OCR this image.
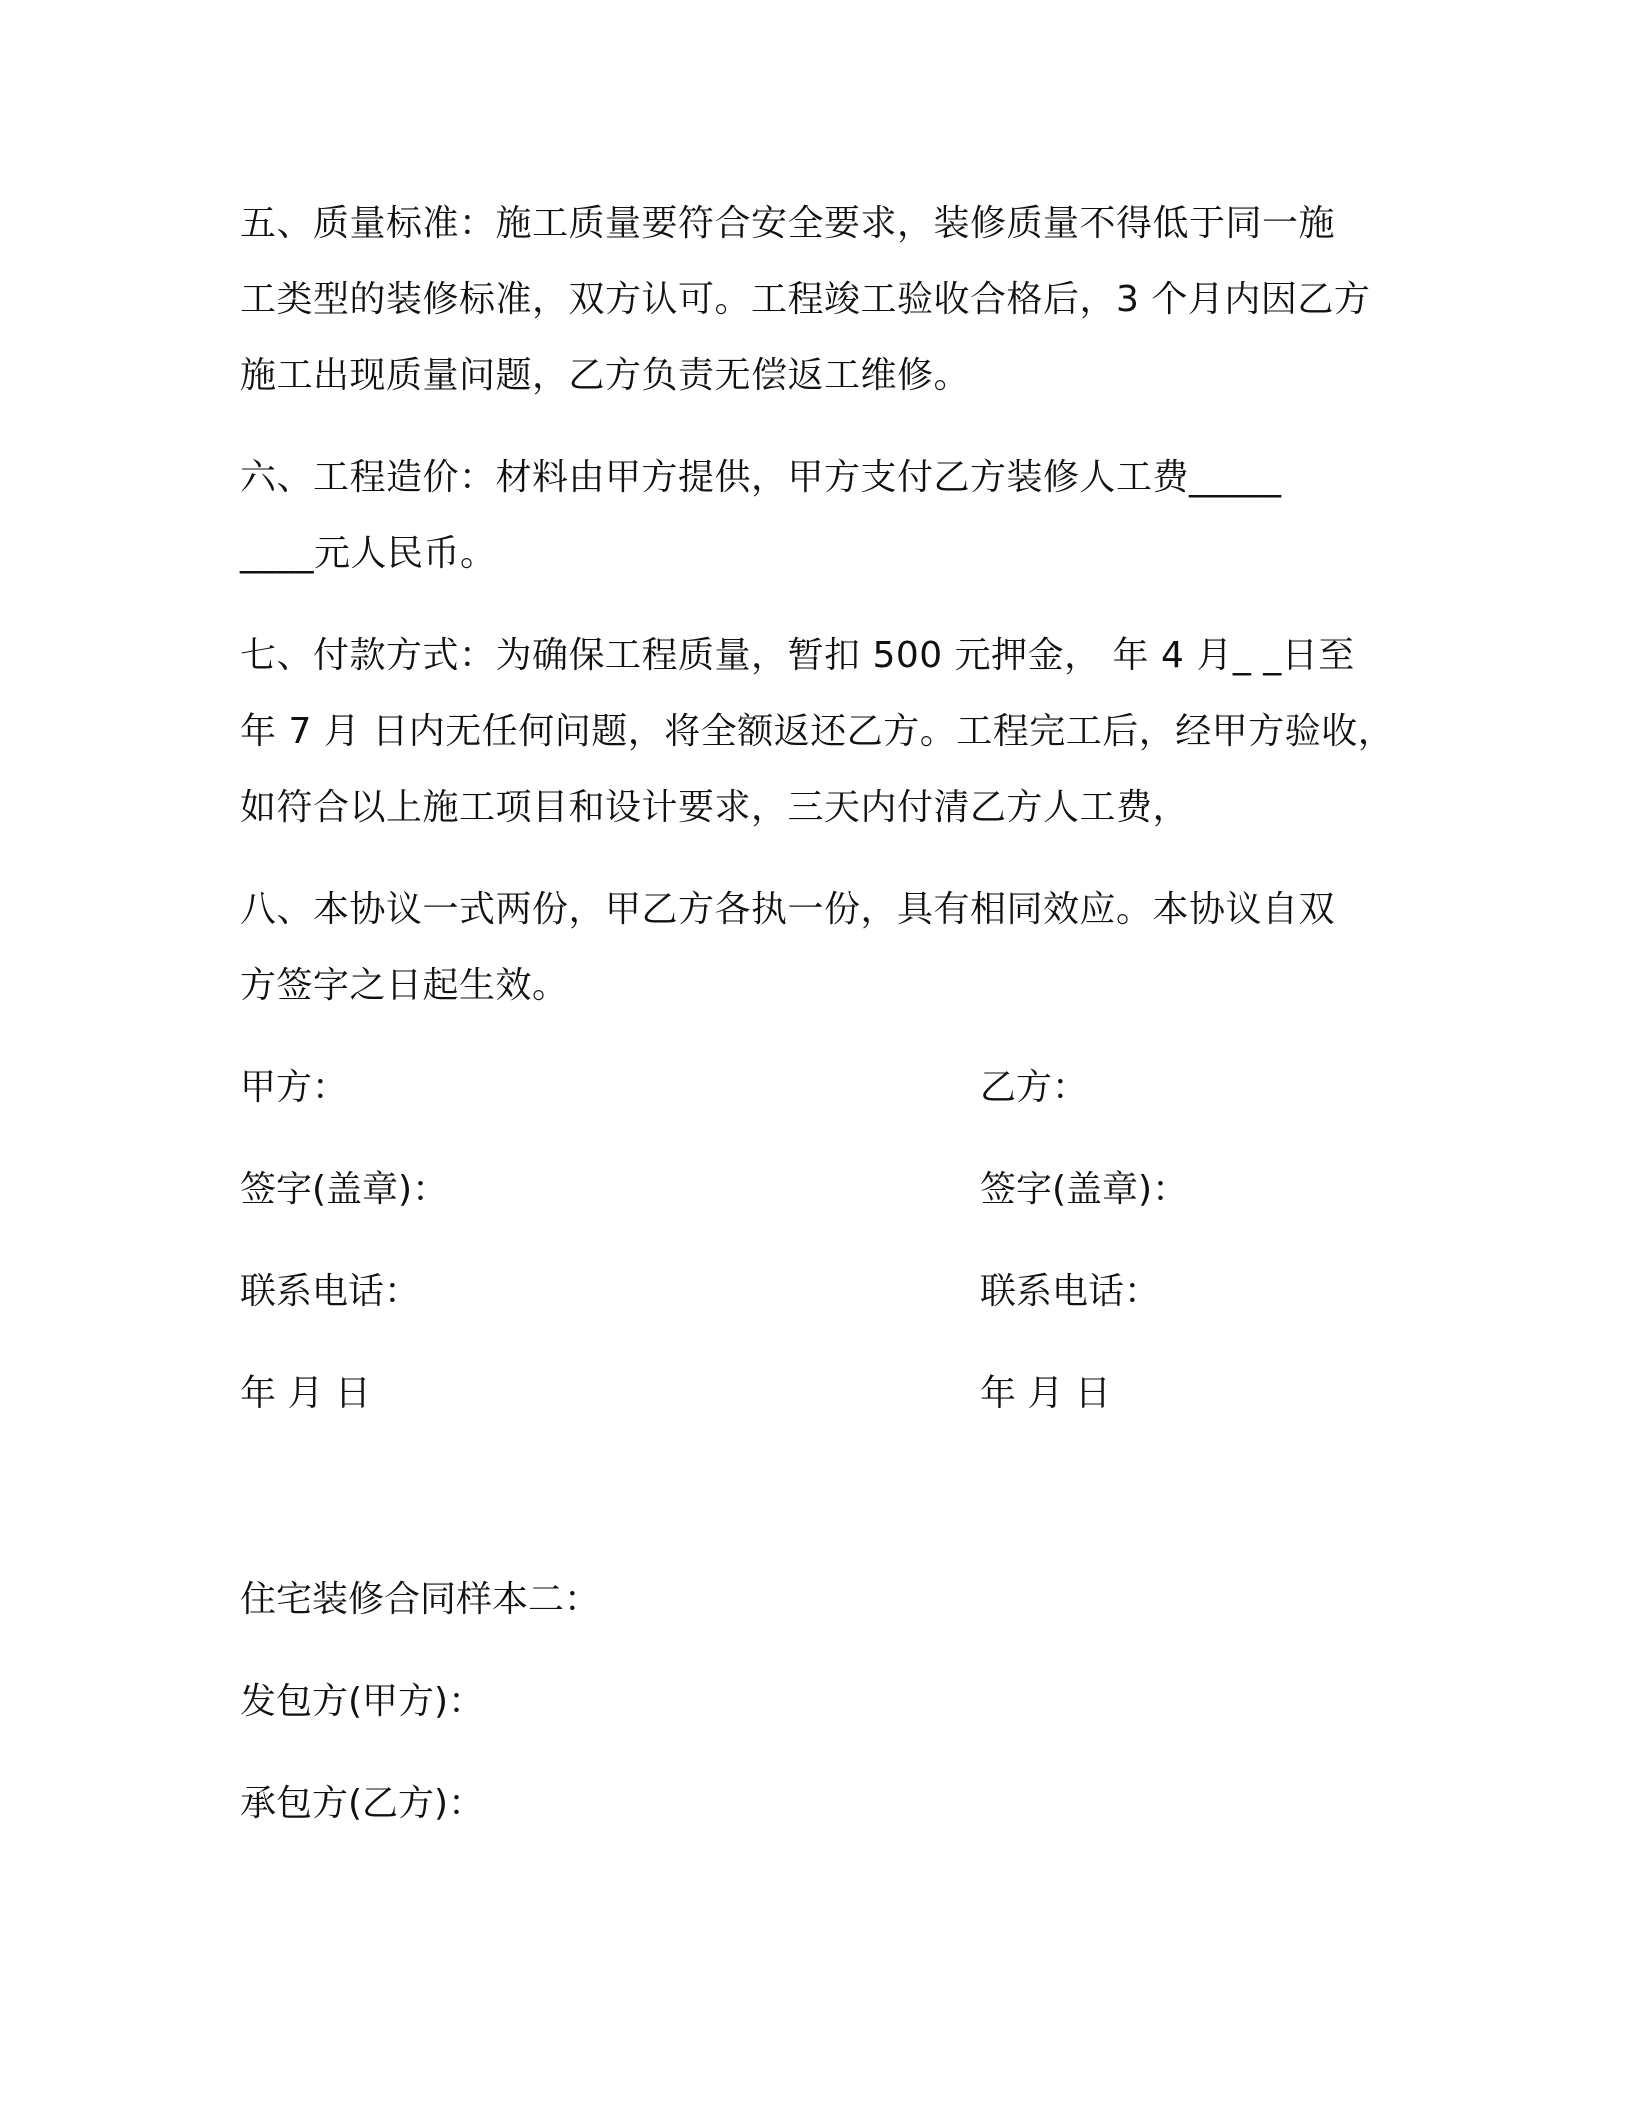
五、质量标准：施工质量要符合安全要求，装修质量不得低于同一施
工类型的装修标准，双方认可。工程竣工验收合格后，3 个月内因乙方
施工出现质量问题，乙方负责无偿返工维修。
六、工程造价：材料由甲方提供，甲方支付乙方装修人工费_____
____元人民币。
七、付款方式：为确保工程质量，暂扣 500 元押金， 年 4 月_ _日至
年 7 月 日内无任何问题，将全额返还乙方。工程完工后，经甲方验收，
如符合以上施工项目和设计要求，三天内付清乙方人工费，
八、本协议一式两份，甲乙方各执一份，具有相同效应。本协议自双
方签字之日起生效。

甲方：

	乙方：

签字(盖章)：

	签字(盖章)：

联系电话：

	联系电话：

年 月 日

	年 月 日

住宅装修合同样本二：
发包方(甲方)：
承包方(乙方)：
